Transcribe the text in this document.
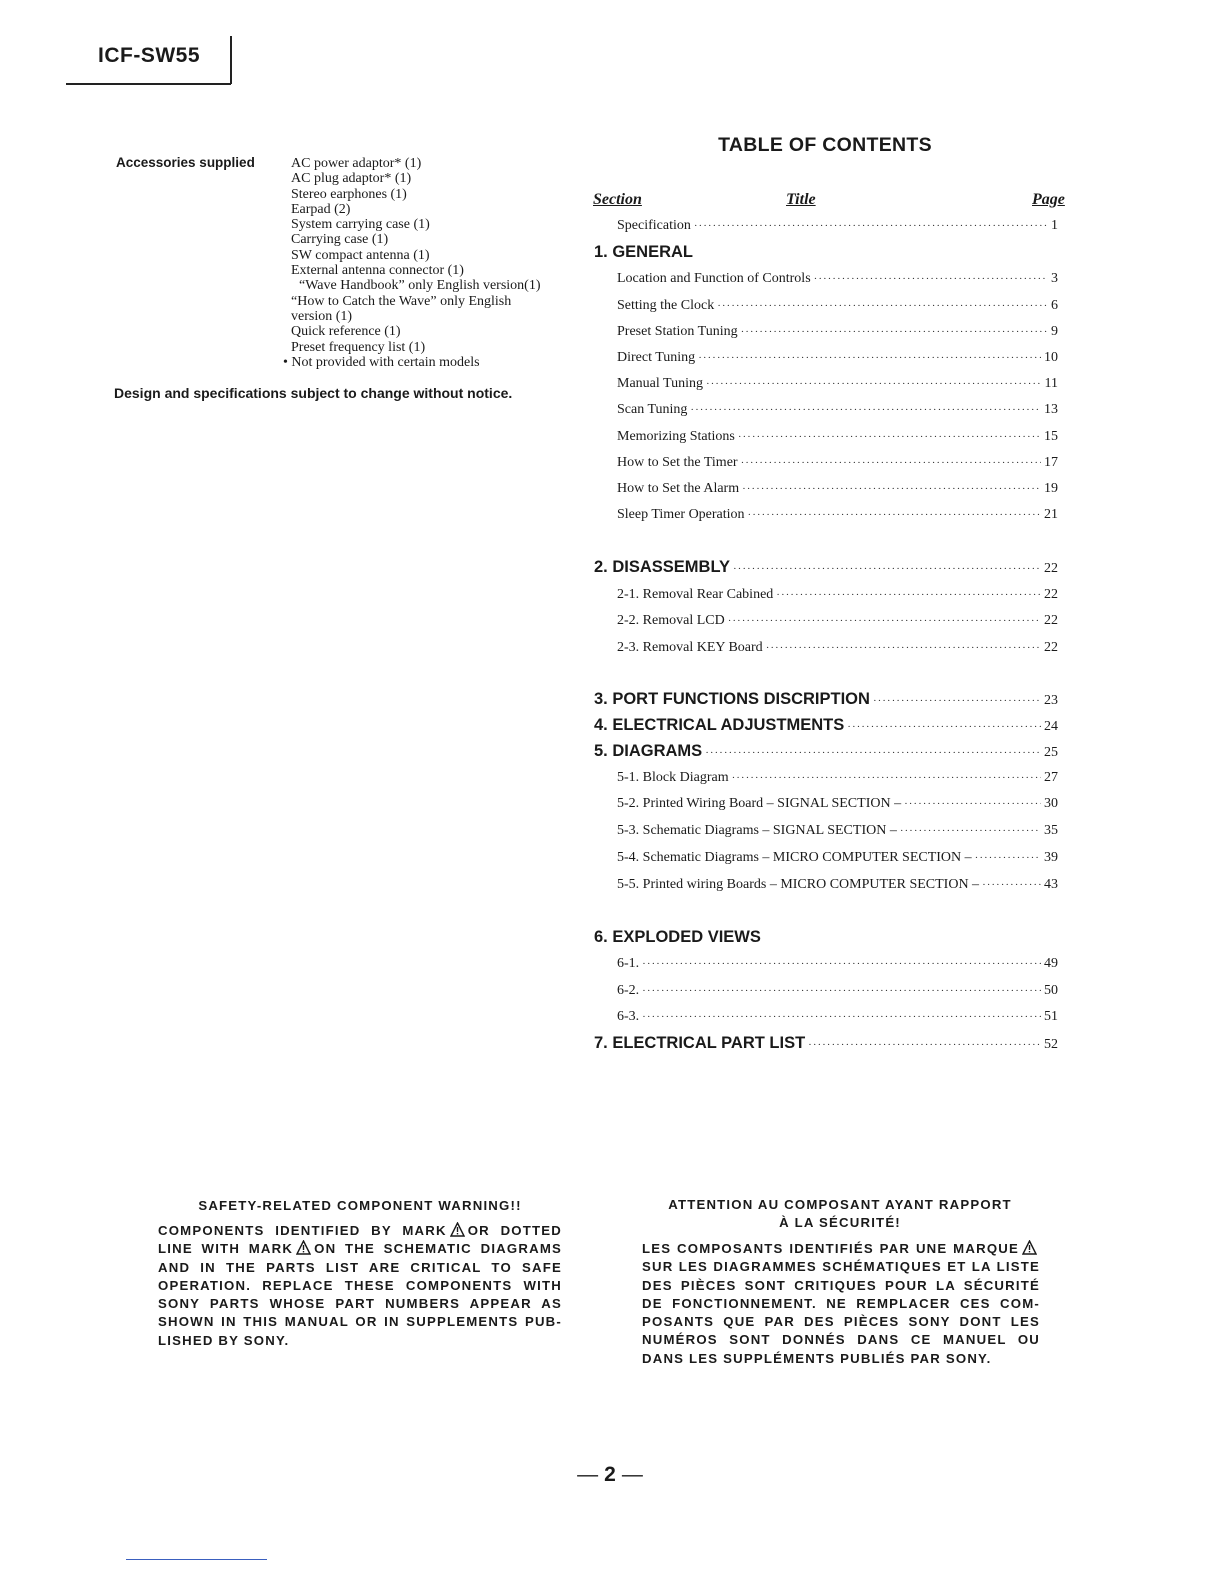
ICF-SW55
Accessories supplied	AC power adaptor* (1)
AC plug adaptor* (1)
Stereo earphones (1)
Earpad (2)
System carrying case (1)
Carrying case (1)
SW compact antenna (1)
External antenna connector (1)
“Wave Handbook” only English version(1)
“How to Catch the Wave” only English
version (1)
Quick reference (1)
Preset frequency list (1)
• Not provided with certain models
Design and specifications subject to change without notice.
TABLE OF CONTENTS
Section	Title	Page
Specification ·····	1
1. GENERAL
Location and Function of Controls ·····	3
Setting the Clock ·····	6
Preset Station Tuning ·····	9
Direct Tuning ·····	10
Manual Tuning ·····	11
Scan Tuning ·····	13
Memorizing Stations ·····	15
How to Set the Timer ·····	17
How to Set the Alarm ·····	19
Sleep Timer Operation ·····	21
2. DISASSEMBLY ·····	22
2-1. Removal Rear Cabined ·····	22
2-2. Removal LCD ·····	22
2-3. Removal KEY Board ·····	22
3. PORT FUNCTIONS DISCRIPTION ·····	23
4. ELECTRICAL ADJUSTMENTS ·····	24
5. DIAGRAMS ·····	25
5-1. Block Diagram ·····	27
5-2. Printed Wiring Board – SIGNAL SECTION – ·····	30
5-3. Schematic Diagrams – SIGNAL SECTION – ·····	35
5-4. Schematic Diagrams – MICRO COMPUTER SECTION – ·····	39
5-5. Printed wiring Boards – MICRO COMPUTER SECTION – ·····	43
6. EXPLODED VIEWS
6-1. ·····	49
6-2. ·····	50
6-3. ·····	51
7. ELECTRICAL PART LIST ·····	52
SAFETY-RELATED COMPONENT WARNING!!
COMPONENTS IDENTIFIED BY MARK OR DOTTED
LINE WITH MARK ON THE SCHEMATIC DIAGRAMS
AND IN THE PARTS LIST ARE CRITICAL TO SAFE
OPERATION. REPLACE THESE COMPONENTS WITH
SONY PARTS WHOSE PART NUMBERS APPEAR AS
SHOWN IN THIS MANUAL OR IN SUPPLEMENTS PUB-
LISHED BY SONY.
ATTENTION AU COMPOSANT AYANT RAPPORT
À LA SÉCURITÉ!
LES COMPOSANTS IDENTIFIÉS PAR UNE MARQUE
SUR LES DIAGRAMMES SCHÉMATIQUES ET LA LISTE
DES PIÈCES SONT CRITIQUES POUR LA SÉCURITÉ
DE FONCTIONNEMENT. NE REMPLACER CES COM-
POSANTS QUE PAR DES PIÈCES SONY DONT LES
NUMÉROS SONT DONNÉS DANS CE MANUEL OU
DANS LES SUPPLÉMENTS PUBLIÉS PAR SONY.
— 2 —
